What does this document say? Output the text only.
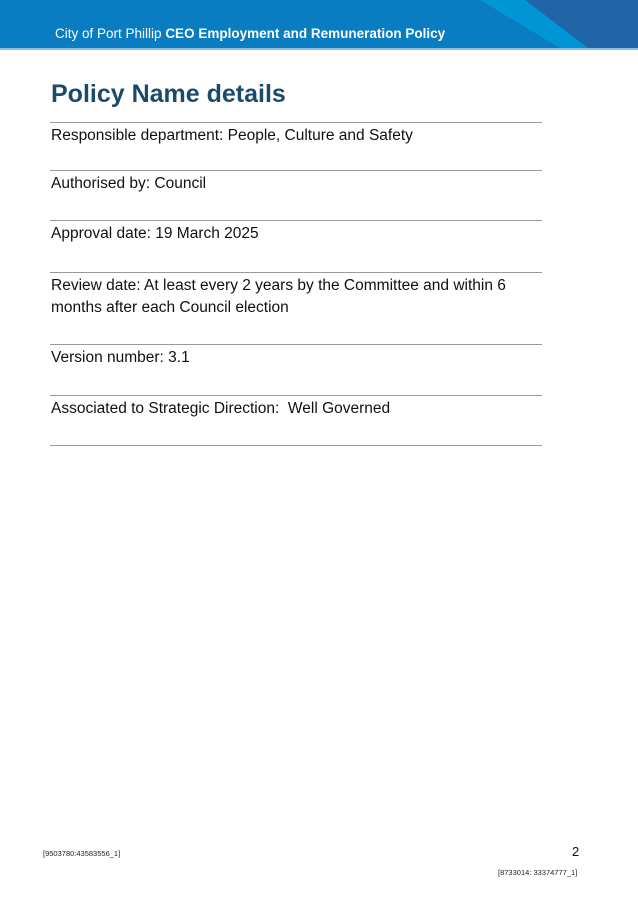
City of Port Phillip CEO Employment and Remuneration Policy
Policy Name details
Responsible department: People, Culture and Safety
Authorised by: Council
Approval date: 19 March 2025
Review date: At least every 2 years by the Committee and within 6 months after each Council election
Version number: 3.1
Associated to Strategic Direction:  Well Governed
[9503780:43583556_1]	2
[8733014: 33374777_1]
